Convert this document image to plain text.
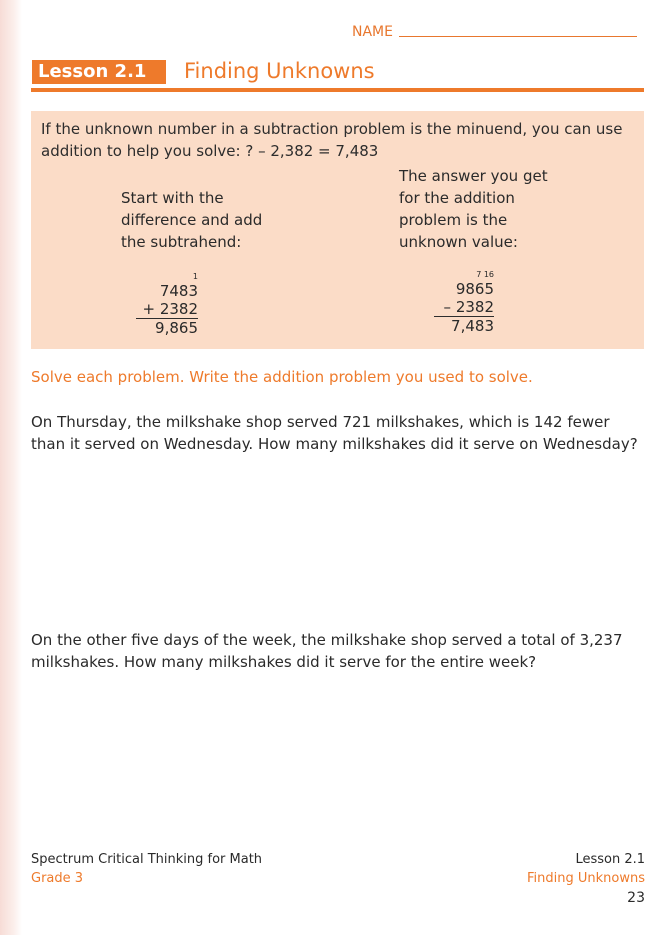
NAME
Lesson 2.1	Finding Unknowns
If the unknown number in a subtraction problem is the minuend, you can use addition to help you solve: ? – 2,382 = 7,483
Start with the difference and add the subtrahend:
The answer you get for the addition problem is the unknown value:
1
7483
+ 2382
9,865
7 16
9865
– 2382
7,483
Solve each problem. Write the addition problem you used to solve.
On Thursday, the milkshake shop served 721 milkshakes, which is 142 fewer than it served on Wednesday. How many milkshakes did it serve on Wednesday?
On the other five days of the week, the milkshake shop served a total of 3,237 milkshakes. How many milkshakes did it serve for the entire week?
Spectrum Critical Thinking for Math
Grade 3
Lesson 2.1
Finding Unknowns
23
